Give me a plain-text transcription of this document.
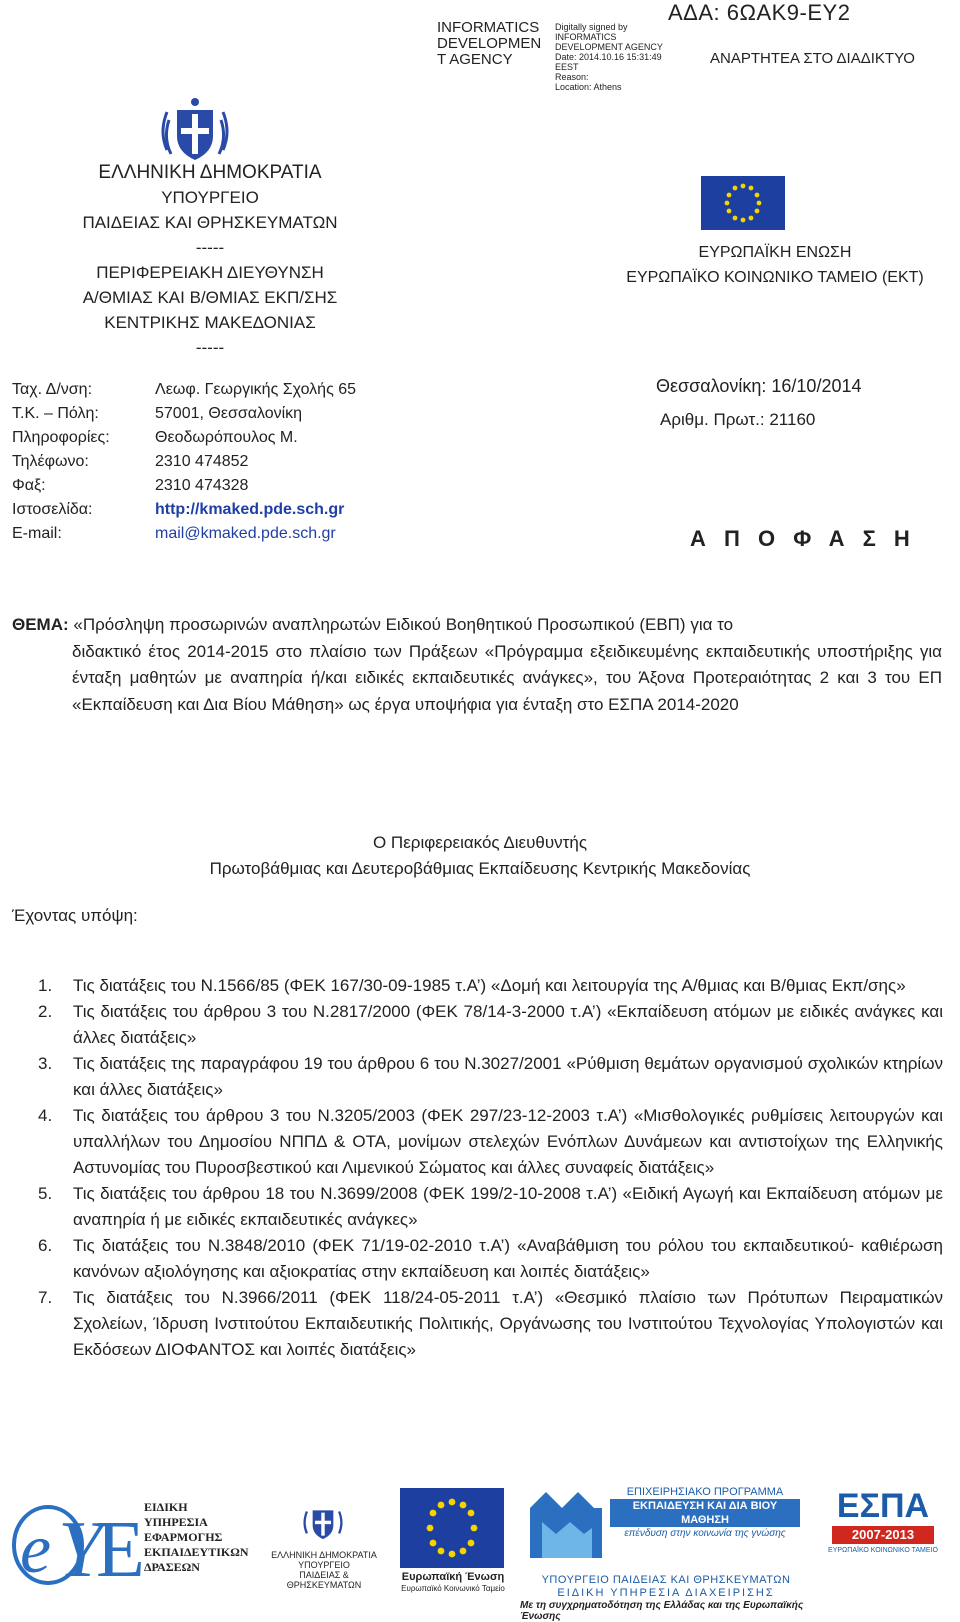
INFORMATICS
DEVELOPMEN
T AGENCY
Digitally signed by
INFORMATICS
DEVELOPMENT AGENCY
Date: 2014.10.16 15:31:49
EEST
Reason:
Location: Athens
ΑΔΑ: 6ΩΑΚ9-ΕΥ2
ΑΝΑΡΤΗΤΕΑ ΣΤΟ ΔΙΑΔΙΚΤΥΟ
ΕΛΛΗΝΙΚΗ ΔΗΜΟΚΡΑΤΙΑ
ΥΠΟΥΡΓΕΙΟ
ΠΑΙΔΕΙΑΣ ΚΑΙ ΘΡΗΣΚΕΥΜΑΤΩΝ
-----
ΠΕΡΙΦΕΡΕΙΑΚΗ ΔΙΕΥΘΥΝΣΗ
Α/ΘΜΙΑΣ ΚΑΙ Β/ΘΜΙΑΣ ΕΚΠ/ΣΗΣ
ΚΕΝΤΡΙΚΗΣ ΜΑΚΕΔΟΝΙΑΣ
-----
Ταχ. Δ/νση:	Λεωφ. Γεωργικής Σχολής 65
Τ.Κ. – Πόλη:	57001, Θεσσαλονίκη
Πληροφορίες:	Θεοδωρόπουλος Μ.
Τηλέφωνο:	2310 474852
Φαξ:	2310 474328
Ιστοσελίδα:	http://kmaked.pde.sch.gr
E-mail:	mail@kmaked.pde.sch.gr
ΕΥΡΩΠΑΪΚΗ ΕΝΩΣΗ
ΕΥΡΩΠΑΪΚΟ ΚΟΙΝΩΝΙΚΟ ΤΑΜΕΙΟ (ΕΚΤ)
Θεσσαλονίκη: 16/10/2014
Αριθμ. Πρωτ.: 21160
Α Π Ο Φ Α Σ Η
ΘΕΜΑ: «Πρόσληψη προσωρινών αναπληρωτών Ειδικού Βοηθητικού Προσωπικού (ΕΒΠ) για το
διδακτικό έτος 2014-2015 στο πλαίσιο των Πράξεων «Πρόγραμμα εξειδικευμένης εκπαιδευτικής υποστήριξης για ένταξη μαθητών με αναπηρία ή/και ειδικές εκπαιδευτικές ανάγκες», του Άξονα Προτεραιότητας 2 και 3 του ΕΠ «Εκπαίδευση και Δια Βίου Μάθηση» ως έργα υποψήφια για ένταξη στο ΕΣΠΑ 2014-2020
Ο Περιφερειακός Διευθυντής
Πρωτοβάθμιας και Δευτεροβάθμιας Εκπαίδευσης Κεντρικής Μακεδονίας
Έχοντας υπόψη:
1.	Τις διατάξεις του Ν.1566/85 (ΦΕΚ 167/30-09-1985 τ.Α’) «Δομή και λειτουργία της Α/θμιας και Β/θμιας Εκπ/σης»
2.	Τις διατάξεις του άρθρου 3 του Ν.2817/2000 (ΦΕΚ 78/14-3-2000 τ.Α’) «Εκπαίδευση ατόμων με ειδικές ανάγκες και άλλες διατάξεις»
3.	Τις διατάξεις της παραγράφου 19 του άρθρου 6 του Ν.3027/2001 «Ρύθμιση θεμάτων οργανισμού σχολικών κτηρίων και άλλες διατάξεις»
4.	Τις διατάξεις του άρθρου 3 του Ν.3205/2003 (ΦΕΚ 297/23-12-2003 τ.Α’) «Μισθολογικές ρυθμίσεις λειτουργών και υπαλλήλων του Δημοσίου ΝΠΠΔ & ΟΤΑ, μονίμων στελεχών Ενόπλων Δυνάμεων και αντιστοίχων της Ελληνικής Αστυνομίας του Πυροσβεστικού και Λιμενικού Σώματος και άλλες συναφείς διατάξεις»
5.	Τις διατάξεις του άρθρου 18 του Ν.3699/2008 (ΦΕΚ 199/2-10-2008 τ.Α’) «Ειδική Αγωγή και Εκπαίδευση ατόμων με αναπηρία ή με ειδικές εκπαιδευτικές ανάγκες»
6.	Τις διατάξεις του Ν.3848/2010 (ΦΕΚ 71/19-02-2010 τ.Α’) «Αναβάθμιση του ρόλου του εκπαιδευτικού- καθιέρωση κανόνων αξιολόγησης και αξιοκρατίας στην εκπαίδευση και λοιπές διατάξεις»
7.	Τις διατάξεις του Ν.3966/2011 (ΦΕΚ 118/24-05-2011 τ.Α’) «Θεσμικό πλαίσιο των Πρότυπων Πειραματικών Σχολείων, Ίδρυση Ινστιτούτου Εκπαιδευτικής Πολιτικής, Οργάνωσης του Ινστιτούτου Τεχνολογίας Υπολογιστών και Εκδόσεων ΔΙΟΦΑΝΤΟΣ και λοιπές διατάξεις»
e Y
E ΕΙΔΙΚΗ
ΥΠΗΡΕΣΙΑ
ΕΦΑΡΜΟΓΗΣ
ΕΚΠΑΙΔΕΥΤΙΚΩΝ
ΔΡΑΣΕΩΝ
ΕΛΛΗΝΙΚΗ ΔΗΜΟΚΡΑΤΙΑ
ΥΠΟΥΡΓΕΙΟ
ΠΑΙΔΕΙΑΣ & ΘΡΗΣΚΕΥΜΑΤΩΝ
Ευρωπαϊκή Ένωση
Ευρωπαϊκό Κοινωνικό Ταμείο
ΕΠΙΧΕΙΡΗΣΙΑΚΟ ΠΡΟΓΡΑΜΜΑ
ΕΚΠΑΙΔΕΥΣΗ ΚΑΙ ΔΙΑ ΒΙΟΥ ΜΑΘΗΣΗ
επένδυση στην κοινωνία της γνώσης
ΥΠΟΥΡΓΕΙΟ ΠΑΙΔΕΙΑΣ ΚΑΙ ΘΡΗΣΚΕΥΜΑΤΩΝ
ΕΙΔΙΚΗ ΥΠΗΡΕΣΙΑ ΔΙΑΧΕΙΡΙΣΗΣ
ΕΣΠΑ
2007-2013
ΕΥΡΩΠΑΪΚΟ ΚΟΙΝΩΝΙΚΟ ΤΑΜΕΙΟ
Με τη συγχρηματοδότηση της Ελλάδας και της Ευρωπαϊκής Ένωσης
